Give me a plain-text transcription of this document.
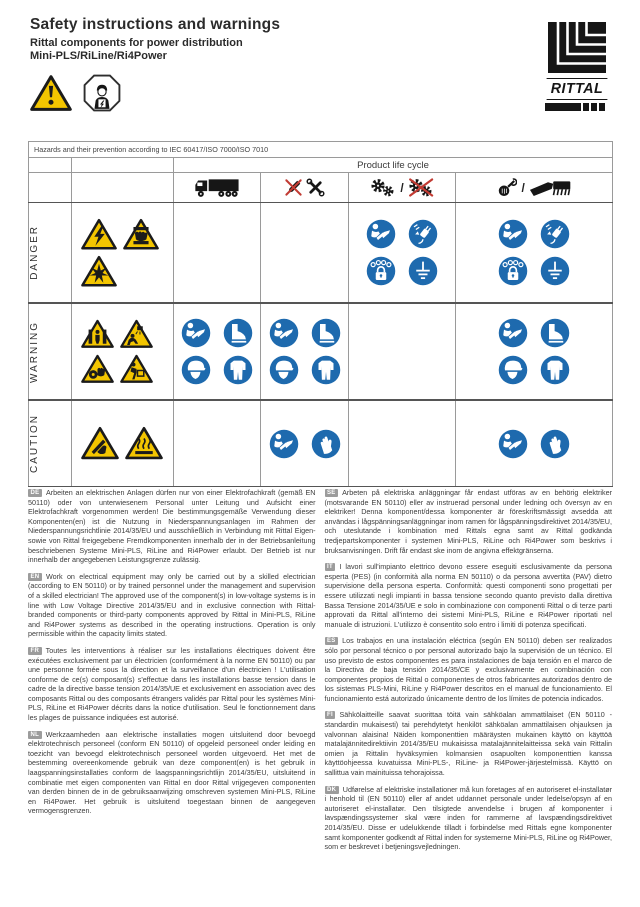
Safety instructions and warnings
Rittal components for power distribution
Mini-PLS/RiLine/Ri4Power
RITTAL
Hazards and their prevention according to IEC 60417/ISO 7000/ISO 7010					
		Product life cycle			

/	/

DANGER

WARNING

CAUTION

DE Arbeiten an elektrischen Anlagen dürfen nur von einer Elektrofachkraft (gemäß EN 50110) oder von unterwiesenem Personal unter Leitung und Aufsicht einer Elektrofachkraft vorgenommen werden! Die bestimmungsgemäße Verwendung dieser Komponenten(en) ist die Nutzung in Niederspannungsanlagen im Rahmen der Niederspannungsrichtlinie 2014/35/EU und ausschließlich in Verbindung mit Rittal Eigen- sowie von Rittal freigegebene Fremdkomponenten innerhalb der in der Betriebsanleitung beschriebenen Systeme Mini-PLS, RiLine and Ri4Power erlaubt. Der Betrieb ist nur innerhalb der angegebenen Leistungsgrenze zulässig.

EN Work on electrical equipment may only be carried out by a skilled electrician (according to EN 50110) or by trained personnel under the management and supervision of a skilled electrician! The approved use of the component(s) in low-voltage systems is in line with Low Voltage Directive 2014/35/EU and in exclusive connection with Rittal-branded components or third-party components approved by Rittal in Mini-PLS, RiLine and Ri4Power systems as described in the operating instructions. Operation is only permissible within the capacity limits stated.

FR Toutes les interventions à réaliser sur les installations électriques doivent être exécutées exclusivement par un électricien (conformément à la norme EN 50110) ou par une personne formée sous la direction et la surveillance d'un électricien ! L'utilisation conforme de ce(s) composant(s) s'effectue dans les installations basse tension dans le cadre de la directive basse tension 2014/35/UE et exclusivement en association avec des composants Rittal ou des composants étrangers validés par Rittal pour les systèmes Mini-PLS, RiLine et Ri4Power décrits dans la notice d'utilisation. Seul le fonctionnement dans les plages de puissance indiquées est autorisé.

NL Werkzaamheden aan elektrische installaties mogen uitsluitend door bevoegd elektrotechnisch personeel (conform EN 50110) of opgeleid personeel onder leiding en toezicht van bevoegd elektrotechnisch personeel worden uitgevoerd. Het met de bestemming overeenkomende gebruik van deze component(en) is het gebruik in laagspanningsinstallaties conform de laagspanningsrichtlijn 2014/35/EU, uitsluitend in combinatie met eigen componenten van Rittal en door Rittal vrijgegeven componenten van derden binnen de in de gebruiksaanwijzing omschreven systemen Mini-PLS, RiLine en Ri4Power. Het gebruik is uitsluitend toegestaan binnen de aangegeven vermogensgrenzen.

SE Arbeten på elektriska anläggningar får endast utföras av en behörig elektriker (motsvarande EN 50110) eller av instruerad personal under ledning och översyn av en elektriker! Denna komponent/dessa komponenter är föreskriftsmässigt avsedda att användas i lågspänningsanläggningar inom ramen för lågspänningsdirektivet 2014/35/EU, och uteslutande i kombination med Rittals egna samt av Rittal godkända tredjepartskomponenter i systemen Mini-PLS, RiLine och Ri4Power som beskrivs i bruksanvisningen. Drift får endast ske inom de angivna effektgränserna.

IT I lavori sull'impianto elettrico devono essere eseguiti esclusivamente da persona esperta (PES) (in conformità alla norma EN 50110) o da persona avvertita (PAV) dietro supervisione della persona esperta. Conformità: questi componenti sono progettati per essere utilizzati negli impianti in bassa tensione secondo quanto previsto dalla direttiva Bassa Tensione 2014/35/UE e solo in combinazione con componenti Rittal o di terze parti approvati da Rittal all'interno dei sistemi Mini-PLS, RiLine e Ri4Power riportati nel manuale di istruzioni. L'utilizzo è consentito solo entro i limiti di potenza specificati.

ES Los trabajos en una instalación eléctrica (según EN 50110) deben ser realizados sólo por personal técnico o por personal autorizado bajo la supervisión de un técnico. El uso previsto de estos componentes es para instalaciones de baja tensión en el marco de la Directiva de baja tensión 2014/35/CE y exclusivamente en combinación con componentes propios de Rittal o componentes de otros fabricantes autorizados dentro de los sistemas PLS-Mini, RiLine y Ri4Power descritos en el manual de funcionamiento. El funcionamiento está autorizado únicamente dentro de los límites de potencia indicados.

FI Sähkölaitteille saavat suorittaa töitä vain sähköalan ammattilaiset (EN 50110 -standardin mukaisesti) tai perehdytetyt henkilöt sähköalan ammattilaisen ohjauksen ja valvonnan alaisina! Näiden komponenttien määräysten mukainen käyttö on käyttöä matalajännitedirektiivin 2014/35/EU mukaisissa matalajännitelaitteissa sekä vain Rittalin omien ja Rittalin hyväksymien kolmansien osapuolten komponenttien kanssa käyttöohjeessa kuvatuissa Mini-PLS-, RiLine- ja Ri4Power-järjestelmissä. Käyttö on sallittua vain mainituissa tehorajoissa.

DK Udførelse af elektriske installationer må kun foretages af en autoriseret el-installatør i henhold til (EN 50110) eller af andet uddannet personale under ledelse/opsyn af en autoriseret el-installatør. Den tilsigtede anvendelse i brugen af komponenter i lavspændingssystemer skal være inden for rammerne af lavspændingsdirektivet 2014/35/EU. Disse er udelukkende tilladt i forbindelse med Rittals egne komponenter samt komponenter godkendt af Rittal inden for systemerne Mini-PLS, RiLine og Ri4Power, som er beskrevet i betjeningsvejledningen.
